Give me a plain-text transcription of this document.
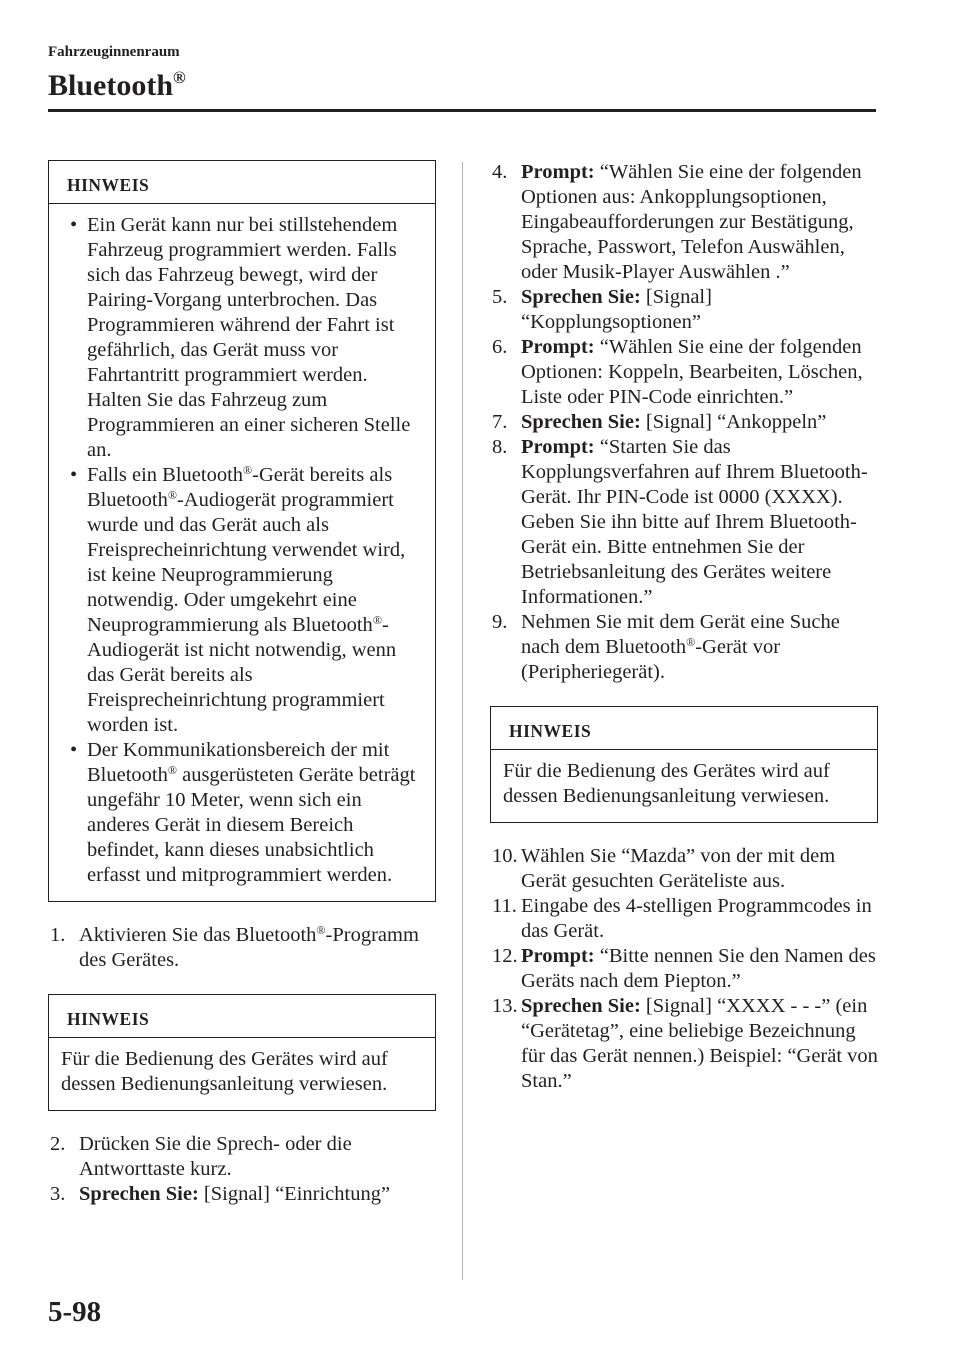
Fahrzeuginnenraum
Bluetooth®
HINWEIS

• Ein Gerät kann nur bei stillstehendem Fahrzeug programmiert werden. Falls sich das Fahrzeug bewegt, wird der Pairing-Vorgang unterbrochen. Das Programmieren während der Fahrt ist gefährlich, das Gerät muss vor Fahrtantritt programmiert werden. Halten Sie das Fahrzeug zum Programmieren an einer sicheren Stelle an.

• Falls ein Bluetooth®-Gerät bereits als Bluetooth®-Audiogerät programmiert wurde und das Gerät auch als Freisprecheinrichtung verwendet wird, ist keine Neuprogrammierung notwendig. Oder umgekehrt eine Neuprogrammierung als Bluetooth®-Audiogerät ist nicht notwendig, wenn das Gerät bereits als Freisprecheinrichtung programmiert worden ist.

• Der Kommunikationsbereich der mit Bluetooth® ausgerüsteten Geräte beträgt ungefähr 10 Meter, wenn sich ein anderes Gerät in diesem Bereich befindet, kann dieses unabsichtlich erfasst und mitprogrammiert werden.

1. Aktivieren Sie das Bluetooth®-Programm des Gerätes.
HINWEIS

Für die Bedienung des Gerätes wird auf dessen Bedienungsanleitung verwiesen.

2. Drücken Sie die Sprech- oder die Antworttaste kurz.
3. Sprechen Sie: [Signal] “Einrichtung”
4. Prompt: “Wählen Sie eine der folgenden Optionen aus: Ankopplungsoptionen, Eingabeaufforderungen zur Bestätigung, Sprache, Passwort, Telefon Auswählen, oder Musik-Player Auswählen .”
5. Sprechen Sie: [Signal] “Kopplungsoptionen”
6. Prompt: “Wählen Sie eine der folgenden Optionen: Koppeln, Bearbeiten, Löschen, Liste oder PIN-Code einrichten.”
7. Sprechen Sie: [Signal] “Ankoppeln”
8. Prompt: “Starten Sie das Kopplungsverfahren auf Ihrem Bluetooth- Gerät. Ihr PIN-Code ist 0000 (XXXX). Geben Sie ihn bitte auf Ihrem Bluetooth-Gerät ein. Bitte entnehmen Sie der Betriebsanleitung des Gerätes weitere Informationen.”
9. Nehmen Sie mit dem Gerät eine Suche nach dem Bluetooth®-Gerät vor (Peripheriegerät).
HINWEIS

Für die Bedienung des Gerätes wird auf dessen Bedienungsanleitung verwiesen.

10. Wählen Sie “Mazda” von der mit dem Gerät gesuchten Geräteliste aus.
11. Eingabe des 4-stelligen Programmcodes in das Gerät.
12. Prompt: “Bitte nennen Sie den Namen des Geräts nach dem Piepton.”
13. Sprechen Sie: [Signal] “XXXX - - -” (ein “Gerätetag”, eine beliebige Bezeichnung für das Gerät nennen.) Beispiel: “Gerät von Stan.”
5-98
